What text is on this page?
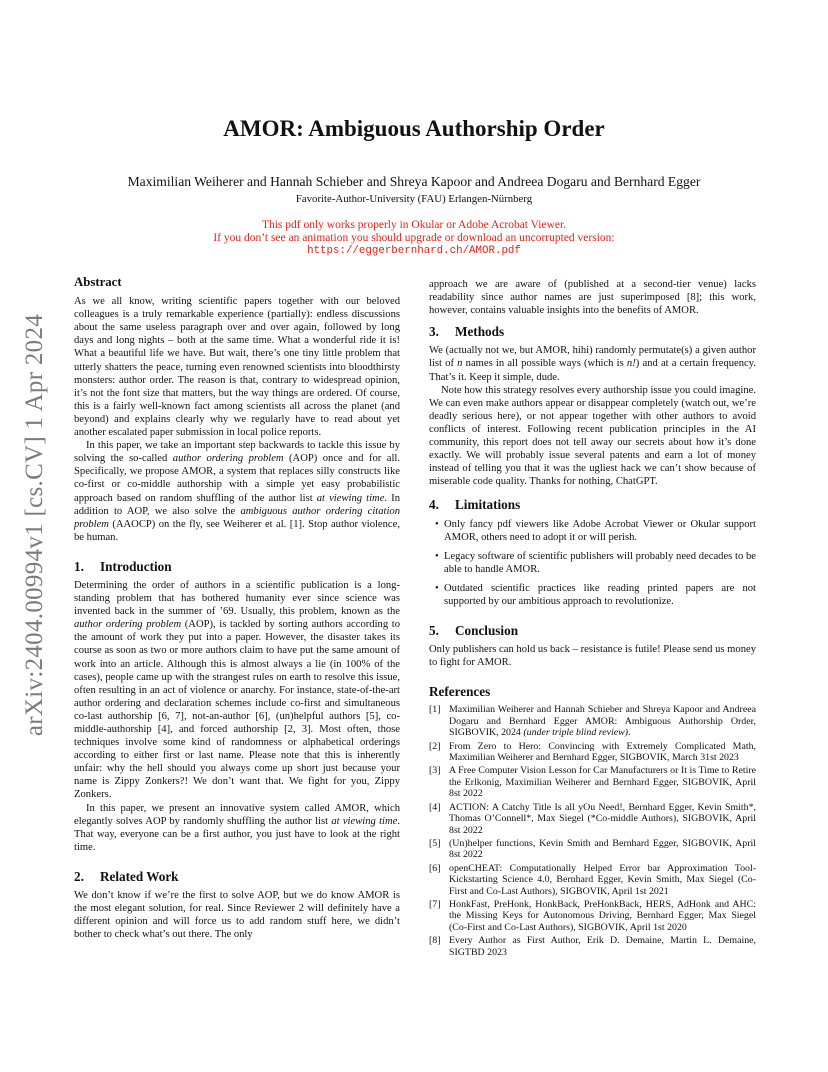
arXiv:2404.00994v1 [cs.CV] 1 Apr 2024
AMOR: Ambiguous Authorship Order
Maximilian Weiherer and Hannah Schieber and Shreya Kapoor and Andreea Dogaru and Bernhard Egger
Favorite-Author-University (FAU) Erlangen-Nürnberg
This pdf only works properly in Okular or Adobe Acrobat Viewer.
If you don’t see an animation you should upgrade or download an uncorrupted version:
https://eggerbernhard.ch/AMOR.pdf
Abstract

As we all know, writing scientific papers together with our beloved colleagues is a truly remarkable experience (partially): endless discussions about the same useless paragraph over and over again, followed by long days and long nights – both at the same time. What a wonderful ride it is! What a beautiful life we have. But wait, there’s one tiny little problem that utterly shatters the peace, turning even renowned scientists into bloodthirsty monsters: author order. The reason is that, contrary to widespread opinion, it’s not the font size that matters, but the way things are ordered. Of course, this is a fairly well-known fact among scientists all across the planet (and beyond) and explains clearly why we regularly have to read about yet another escalated paper submission in local police reports.

In this paper, we take an important step backwards to tackle this issue by solving the so-called author ordering problem (AOP) once and for all. Specifically, we propose AMOR, a system that replaces silly constructs like co-first or co-middle authorship with a simple yet easy probabilistic approach based on random shuffling of the author list at viewing time. In addition to AOP, we also solve the ambiguous author ordering citation problem (AAOCP) on the fly, see Weiherer et al. [1]. Stop author violence, be human.

1. Introduction

Determining the order of authors in a scientific publication is a long-standing problem that has bothered humanity ever since science was invented back in the summer of ’69. Usually, this problem, known as the author ordering problem (AOP), is tackled by sorting authors according to the amount of work they put into a paper. However, the disaster takes its course as soon as two or more authors claim to have put the same amount of work into an article. Although this is almost always a lie (in 100% of the cases), people came up with the strangest rules on earth to resolve this issue, often resulting in an act of violence or anarchy. For instance, state-of-the-art author ordering and declaration schemes include co-first and simultaneous co-last authorship [6, 7], not-an-author [6], (un)helpful authors [5], co-middle-authorship [4], and forced authorship [2, 3]. Most often, those techniques involve some kind of randomness or alphabetical orderings according to either first or last name. Please note that this is inherently unfair: why the hell should you always come up short just because your name is Zippy Zonkers?! We don’t want that. We fight for you, Zippy Zonkers.

In this paper, we present an innovative system called AMOR, which elegantly solves AOP by randomly shuffling the author list at viewing time. That way, everyone can be a first author, you just have to look at the right time.

2. Related Work

We don’t know if we’re the first to solve AOP, but we do know AMOR is the most elegant solution, for real. Since Reviewer 2 will definitely have a different opinion and will force us to add random stuff here, we didn’t bother to check what’s out there. The only

approach we are aware of (published at a second-tier venue) lacks readability since author names are just superimposed [8]; this work, however, contains valuable insights into the benefits of AMOR.

3. Methods

We (actually not we, but AMOR, hihi) randomly permutate(s) a given author list of n names in all possible ways (which is n!) and at a certain frequency. That’s it. Keep it simple, dude.

Note how this strategy resolves every authorship issue you could imagine. We can even make authors appear or disappear completely (watch out, we’re deadly serious here), or not appear together with other authors to avoid conflicts of interest. Following recent publication principles in the AI community, this report does not tell away our secrets about how it’s done exactly. We will probably issue several patents and earn a lot of money instead of telling you that it was the ugliest hack we can’t show because of miserable code quality. Thanks for nothing, ChatGPT.

4. Limitations
• Only fancy pdf viewers like Adobe Acrobat Viewer or Okular support AMOR, others need to adopt it or will perish.
• Legacy software of scientific publishers will probably need decades to be able to handle AMOR.
• Outdated scientific practices like reading printed papers are not supported by our ambitious approach to revolutionize.
5. Conclusion

Only publishers can hold us back – resistance is futile! Please send us money to fight for AMOR.

References
[1] Maximilian Weiherer and Hannah Schieber and Shreya Kapoor and Andreea Dogaru and Bernhard Egger AMOR: Ambiguous Authorship Order, SIGBOVIK, 2024 (under triple blind review).
[2] From Zero to Hero: Convincing with Extremely Complicated Math, Maximilian Weiherer and Bernhard Egger, SIGBOVIK, March 31st 2023
[3] A Free Computer Vision Lesson for Car Manufacturers or It is Time to Retire the Erlkonig, Maximilian Weiherer and Bernhard Egger, SIGBOVIK, April 8st 2022
[4] ACTION: A Catchy Title Is all yOu Need!, Bernhard Egger, Kevin Smith*, Thomas O’Connell*, Max Siegel (*Co-middle Authors), SIGBOVIK, April 8st 2022
[5] (Un)helper functions, Kevin Smith and Bernhard Egger, SIGBOVIK, April 8st 2022
[6] openCHEAT: Computationally Helped Error bar Approximation Tool-Kickstarting Science 4.0, Bernhard Egger, Kevin Smith, Max Siegel (Co-First and Co-Last Authors), SIGBOVIK, April 1st 2021
[7] HonkFast, PreHonk, HonkBack, PreHonkBack, HERS, AdHonk and AHC: the Missing Keys for Autonomous Driving, Bernhard Egger, Max Siegel (Co-First and Co-Last Authors), SIGBOVIK, April 1st 2020
[8] Every Author as First Author, Erik D. Demaine, Martin L. Demaine, SIGTBD 2023
